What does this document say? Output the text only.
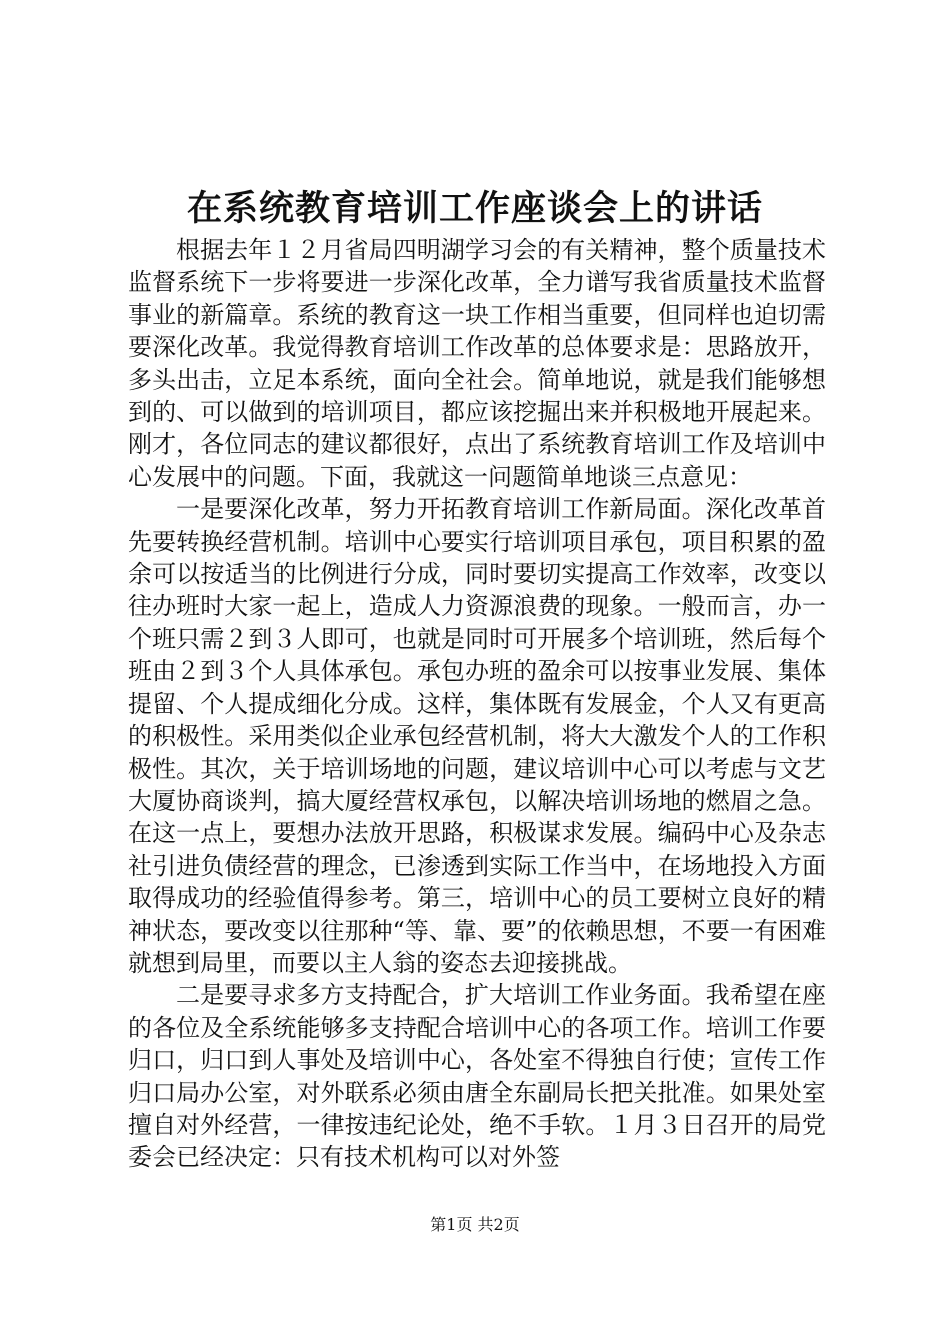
在系统教育培训工作座谈会上的讲话

根据去年１２月省局四明湖学习会的有关精神，整个质量技术监督系统下一步将要进一步深化改革，全力谱写我省质量技术监督事业的新篇章。系统的教育这一块工作相当重要，但同样也迫切需要深化改革。我觉得教育培训工作改革的总体要求是：思路放开，多头出击，立足本系统，面向全社会。简单地说，就是我们能够想到的、可以做到的培训项目，都应该挖掘出来并积极地开展起来。刚才，各位同志的建议都很好，点出了系统教育培训工作及培训中心发展中的问题。下面，我就这一问题简单地谈三点意见：

一是要深化改革，努力开拓教育培训工作新局面。深化改革首先要转换经营机制。培训中心要实行培训项目承包，项目积累的盈余可以按适当的比例进行分成，同时要切实提高工作效率，改变以往办班时大家一起上，造成人力资源浪费的现象。一般而言，办一个班只需２到３人即可，也就是同时可开展多个培训班，然后每个班由２到３个人具体承包。承包办班的盈余可以按事业发展、集体提留、个人提成细化分成。这样，集体既有发展金，个人又有更高的积极性。采用类似企业承包经营机制，将大大激发个人的工作积极性。其次，关于培训场地的问题，建议培训中心可以考虑与文艺大厦协商谈判，搞大厦经营权承包，以解决培训场地的燃眉之急。在这一点上，要想办法放开思路，积极谋求发展。编码中心及杂志社引进负债经营的理念，已渗透到实际工作当中，在场地投入方面取得成功的经验值得参考。第三，培训中心的员工要树立良好的精神状态，要改变以往那种“等、靠、要”的依赖思想，不要一有困难就想到局里，而要以主人翁的姿态去迎接挑战。

二是要寻求多方支持配合，扩大培训工作业务面。我希望在座的各位及全系统能够多支持配合培训中心的各项工作。培训工作要归口，归口到人事处及培训中心，各处室不得独自行使；宣传工作归口局办公室，对外联系必须由唐全东副局长把关批准。如果处室擅自对外经营，一律按违纪论处，绝不手软。１月３日召开的局党委会已经决定：只有技术机构可以对外签

第1页 共2页
